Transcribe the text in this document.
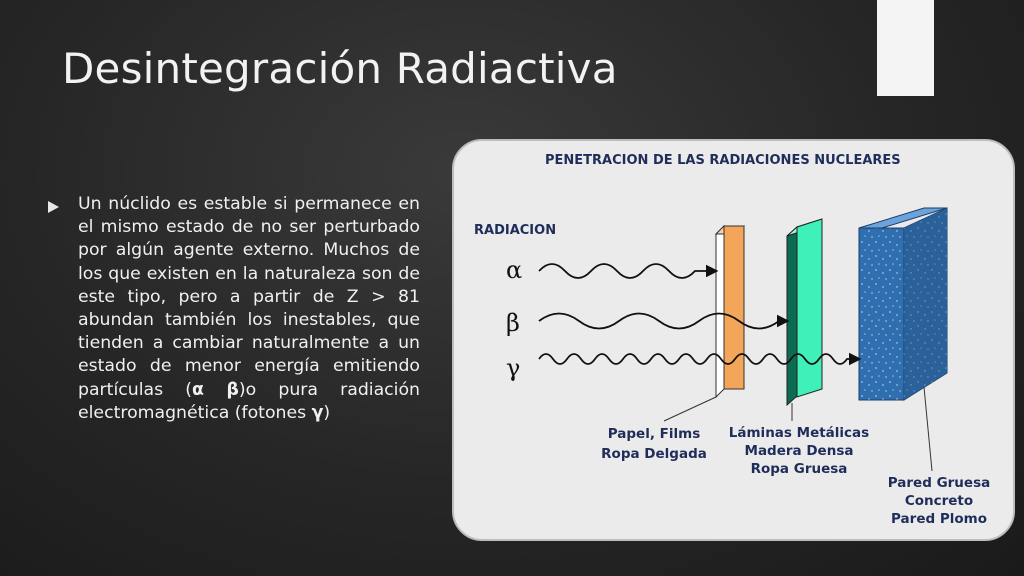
Desintegración Radiactiva
Un núclido es estable si permanece en el mismo estado de no ser perturbado por algún agente externo. Muchos de los que existen en la naturaleza son de este tipo, pero a partir de Z > 81 abundan también los inestables, que tienden a cambiar naturalmente a un estado de menor energía emitiendo partículas (α β)o pura radiación electromagnética (fotones γ)
PENETRACION DE LAS RADIACIONES NUCLEARES
RADIACION
α
β
γ
Papel, Films
Ropa Delgada
Láminas Metálicas
Madera Densa
Ropa Gruesa
Pared Gruesa
Concreto
Pared Plomo
